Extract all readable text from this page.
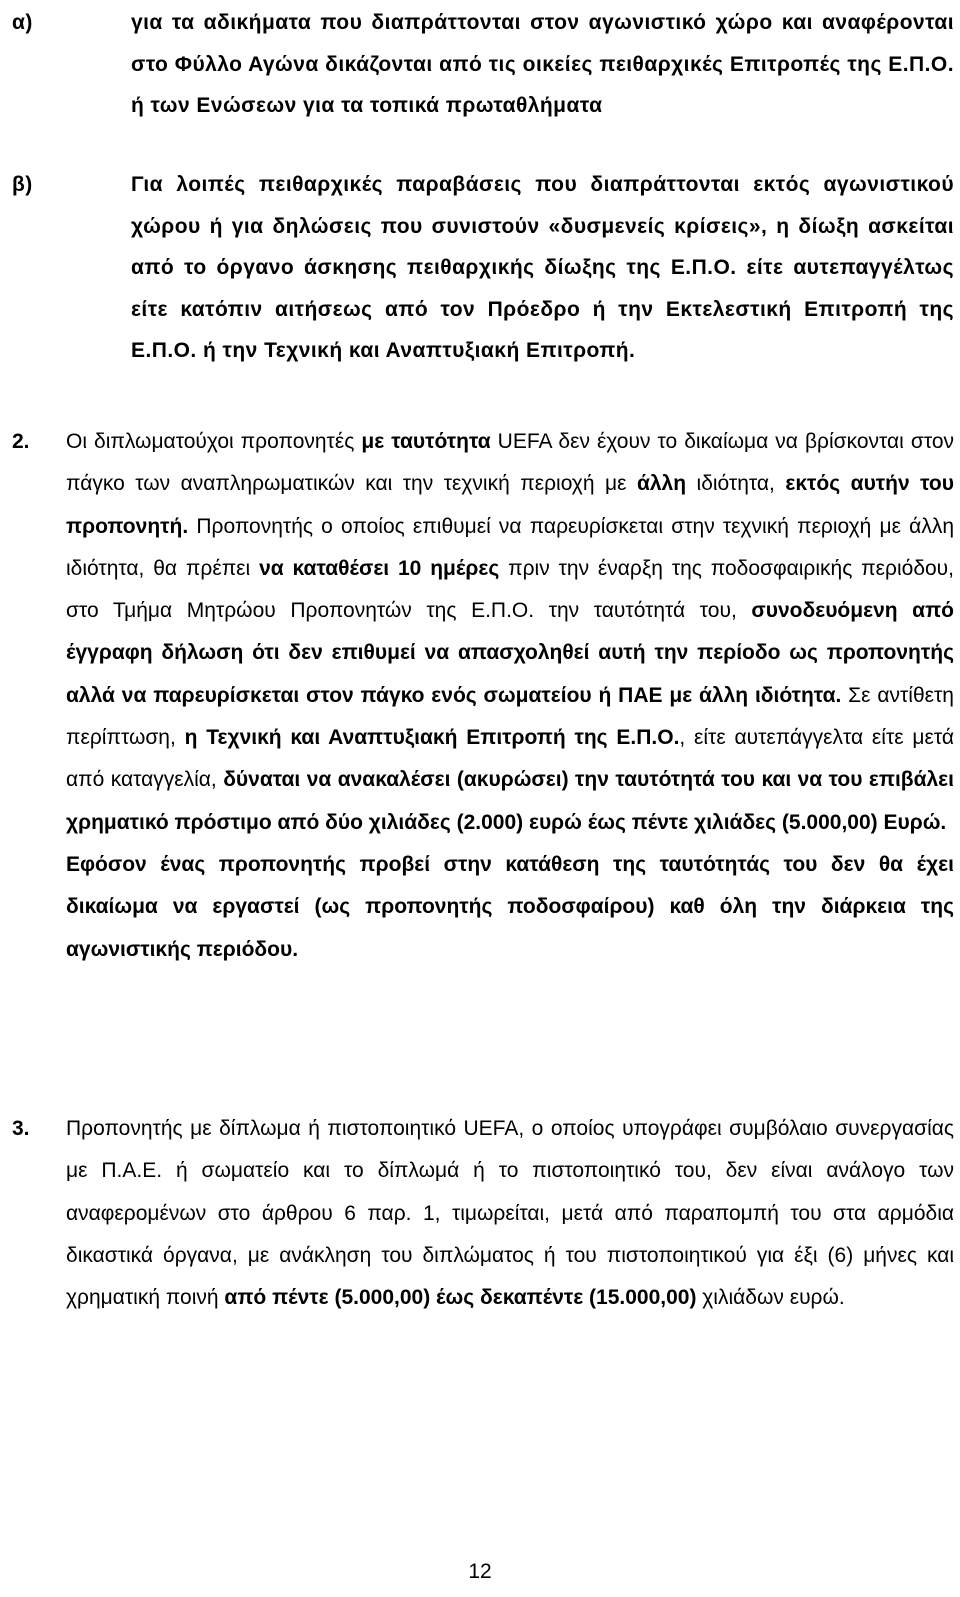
α)	για τα αδικήματα που διαπράττονται στον αγωνιστικό χώρο και αναφέρονται στο Φύλλο Αγώνα δικάζονται από τις οικείες πειθαρχικές Επιτροπές της Ε.Π.Ο. ή των Ενώσεων για τα τοπικά πρωταθλήματα
β)	Για λοιπές πειθαρχικές παραβάσεις που διαπράττονται εκτός αγωνιστικού χώρου ή για δηλώσεις που συνιστούν «δυσμενείς κρίσεις», η δίωξη ασκείται από το όργανο άσκησης πειθαρχικής δίωξης της Ε.Π.Ο. είτε αυτεπαγγέλτως είτε κατόπιν αιτήσεως από τον Πρόεδρο ή την Εκτελεστική Επιτροπή της Ε.Π.Ο. ή την Τεχνική και Αναπτυξιακή Επιτροπή.
2.	Οι διπλωματούχοι προπονητές με ταυτότητα UEFA δεν έχουν το δικαίωμα να βρίσκονται στον πάγκο των αναπληρωματικών και την τεχνική περιοχή με άλλη ιδιότητα, εκτός αυτήν του προπονητή. Προπονητής ο οποίος επιθυμεί να παρευρίσκεται στην τεχνική περιοχή με άλλη ιδιότητα, θα πρέπει να καταθέσει 10 ημέρες πριν την έναρξη της ποδοσφαιρικής περιόδου, στο Τμήμα Μητρώου Προπονητών της Ε.Π.Ο. την ταυτότητά του, συνοδευόμενη από έγγραφη δήλωση ότι δεν επιθυμεί να απασχοληθεί αυτή την περίοδο ως προπονητής αλλά να παρευρίσκεται στον πάγκο ενός σωματείου ή ΠΑΕ με άλλη ιδιότητα. Σε αντίθετη περίπτωση, η Τεχνική και Αναπτυξιακή Επιτροπή της Ε.Π.Ο., είτε αυτεπάγγελτα είτε μετά από καταγγελία, δύναται να ανακαλέσει (ακυρώσει) την ταυτότητά του και να του επιβάλει χρηματικό πρόστιμο από δύο χιλιάδες (2.000) ευρώ έως πέντε χιλιάδες (5.000,00) Ευρώ.
Εφόσον ένας προπονητής προβεί στην κατάθεση της ταυτότητάς του δεν θα έχει δικαίωμα να εργαστεί (ως προπονητής ποδοσφαίρου) καθ όλη την διάρκεια της αγωνιστικής περιόδου.
3.	Προπονητής με δίπλωμα ή πιστοποιητικό UEFA, ο οποίος υπογράφει συμβόλαιο συνεργασίας με Π.Α.Ε. ή σωματείο και το δίπλωμά ή το πιστοποιητικό του, δεν είναι ανάλογο των αναφερομένων στο άρθρου 6 παρ. 1, τιμωρείται, μετά από παραπομπή του στα αρμόδια δικαστικά όργανα, με ανάκληση του διπλώματος ή του πιστοποιητικού για έξι (6) μήνες και χρηματική ποινή από πέντε (5.000,00) έως δεκαπέντε (15.000,00) χιλιάδων ευρώ.
12
